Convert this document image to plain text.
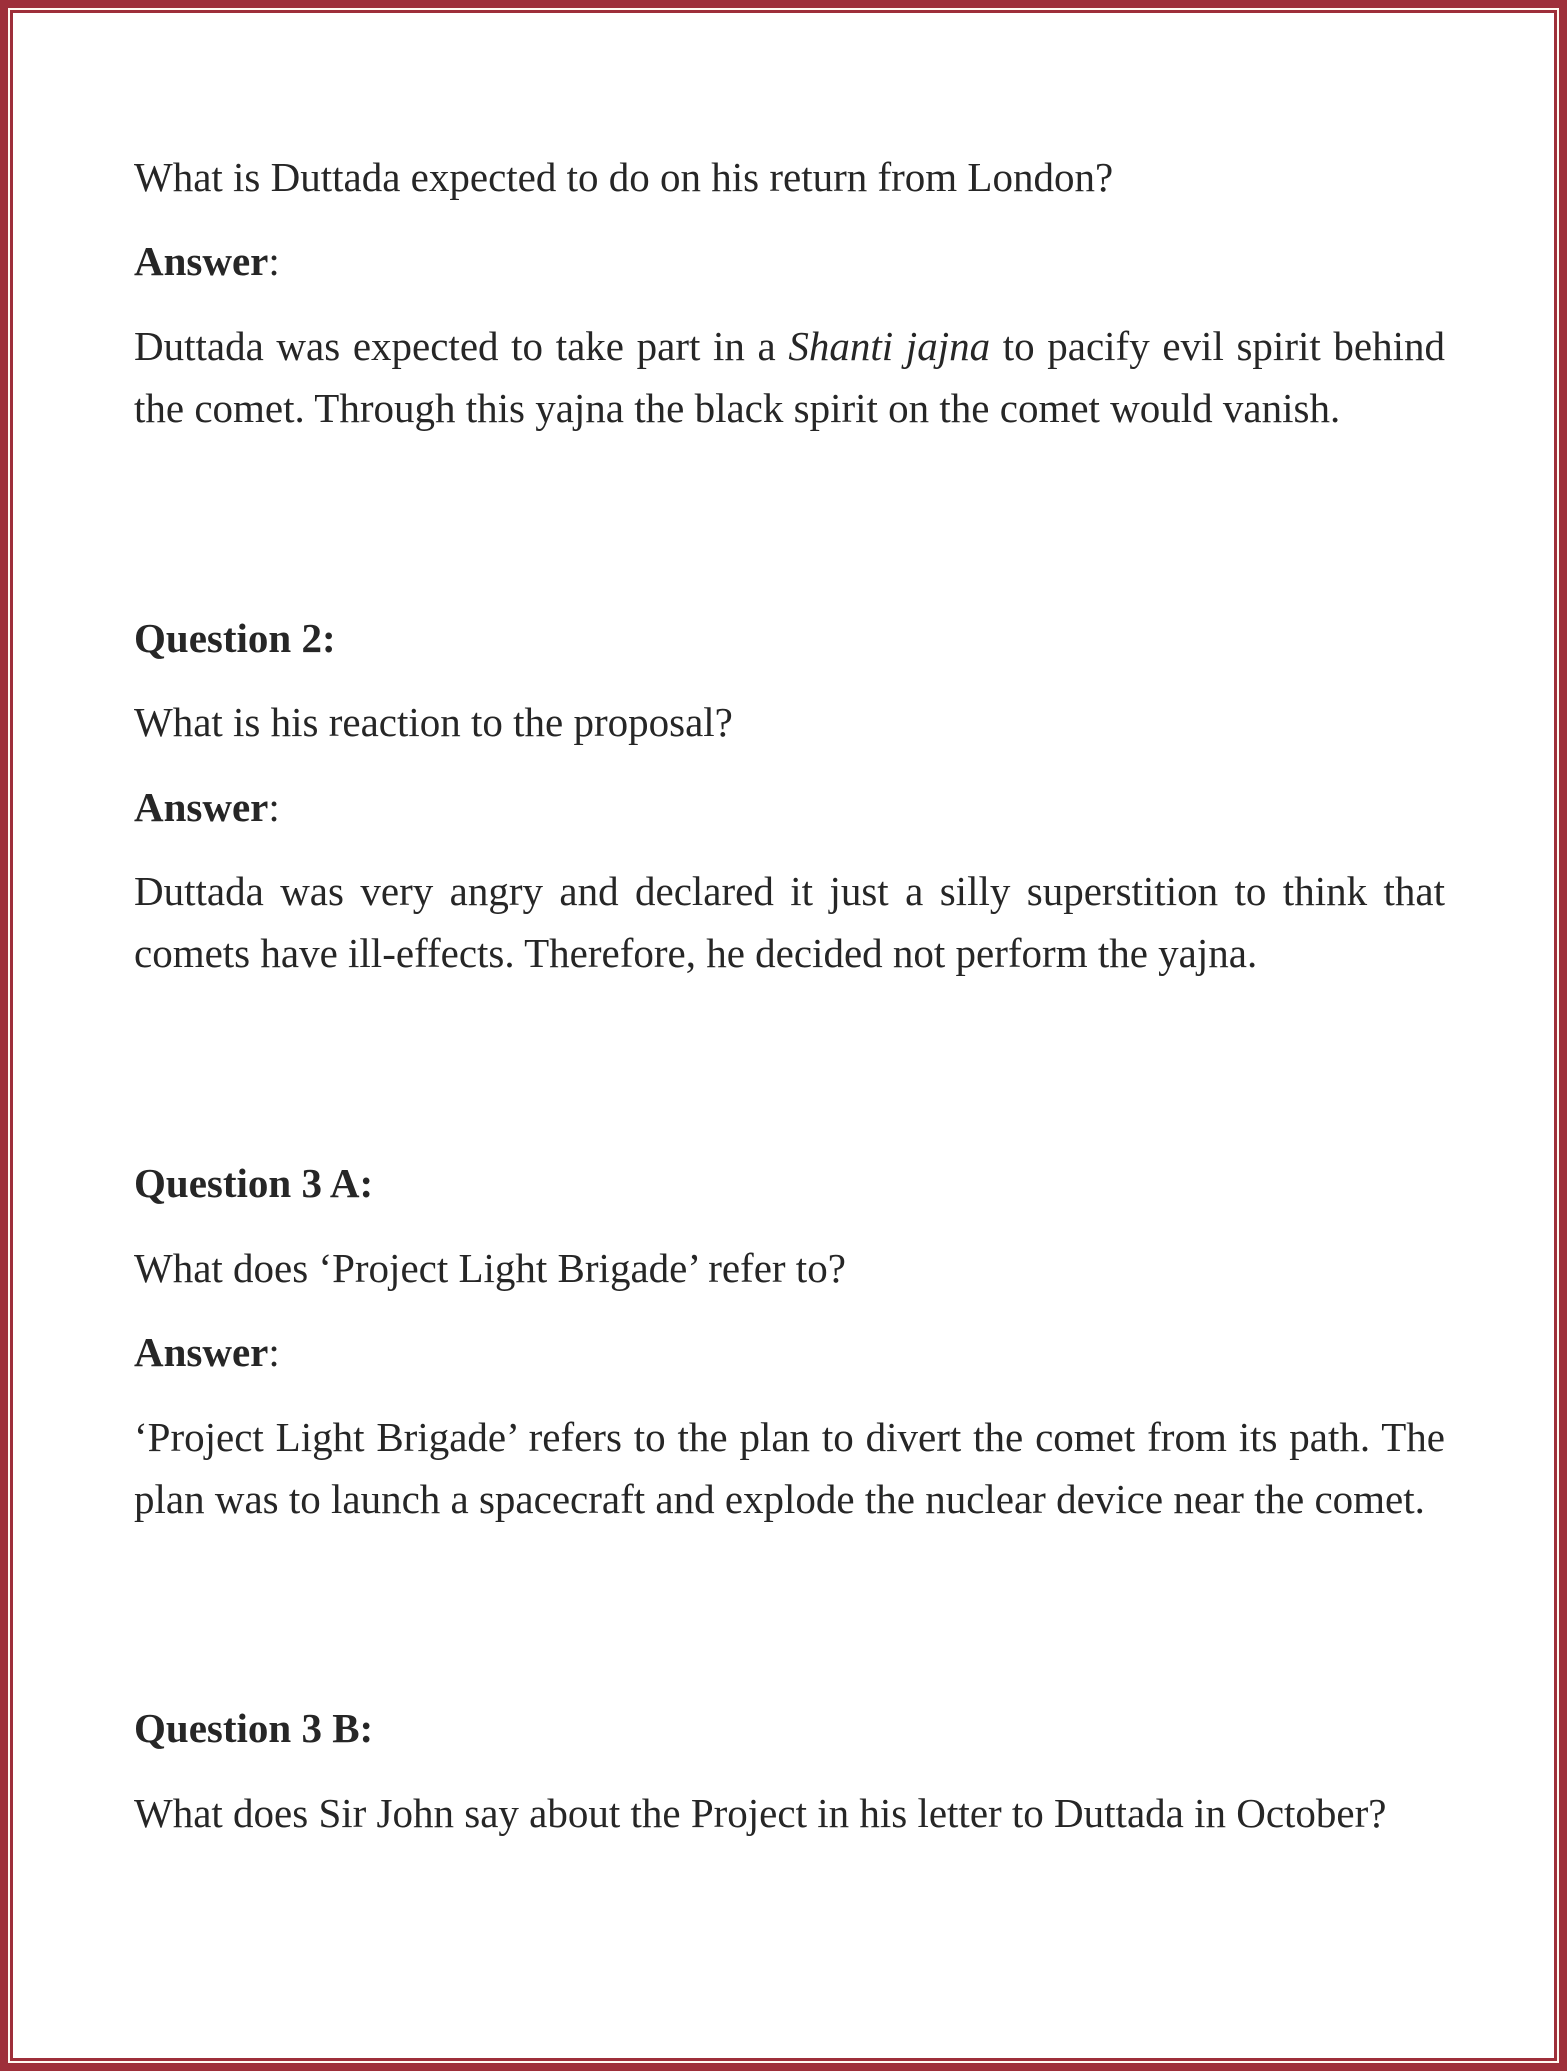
What is Duttada expected to do on his return from London?
Answer:
Duttada was expected to take part in a Shanti jajna to pacify evil spirit behind the comet. Through this yajna the black spirit on the comet would vanish.
Question 2:
What is his reaction to the proposal?
Answer:
Duttada was very angry and declared it just a silly superstition to think that comets have ill-effects. Therefore, he decided not perform the yajna.
Question 3 A:
What does ‘Project Light Brigade’ refer to?
Answer:
‘Project Light Brigade’ refers to the plan to divert the comet from its path. The plan was to launch a spacecraft and explode the nuclear device near the comet.
Question 3 B:
What does Sir John say about the Project in his letter to Duttada in October?
